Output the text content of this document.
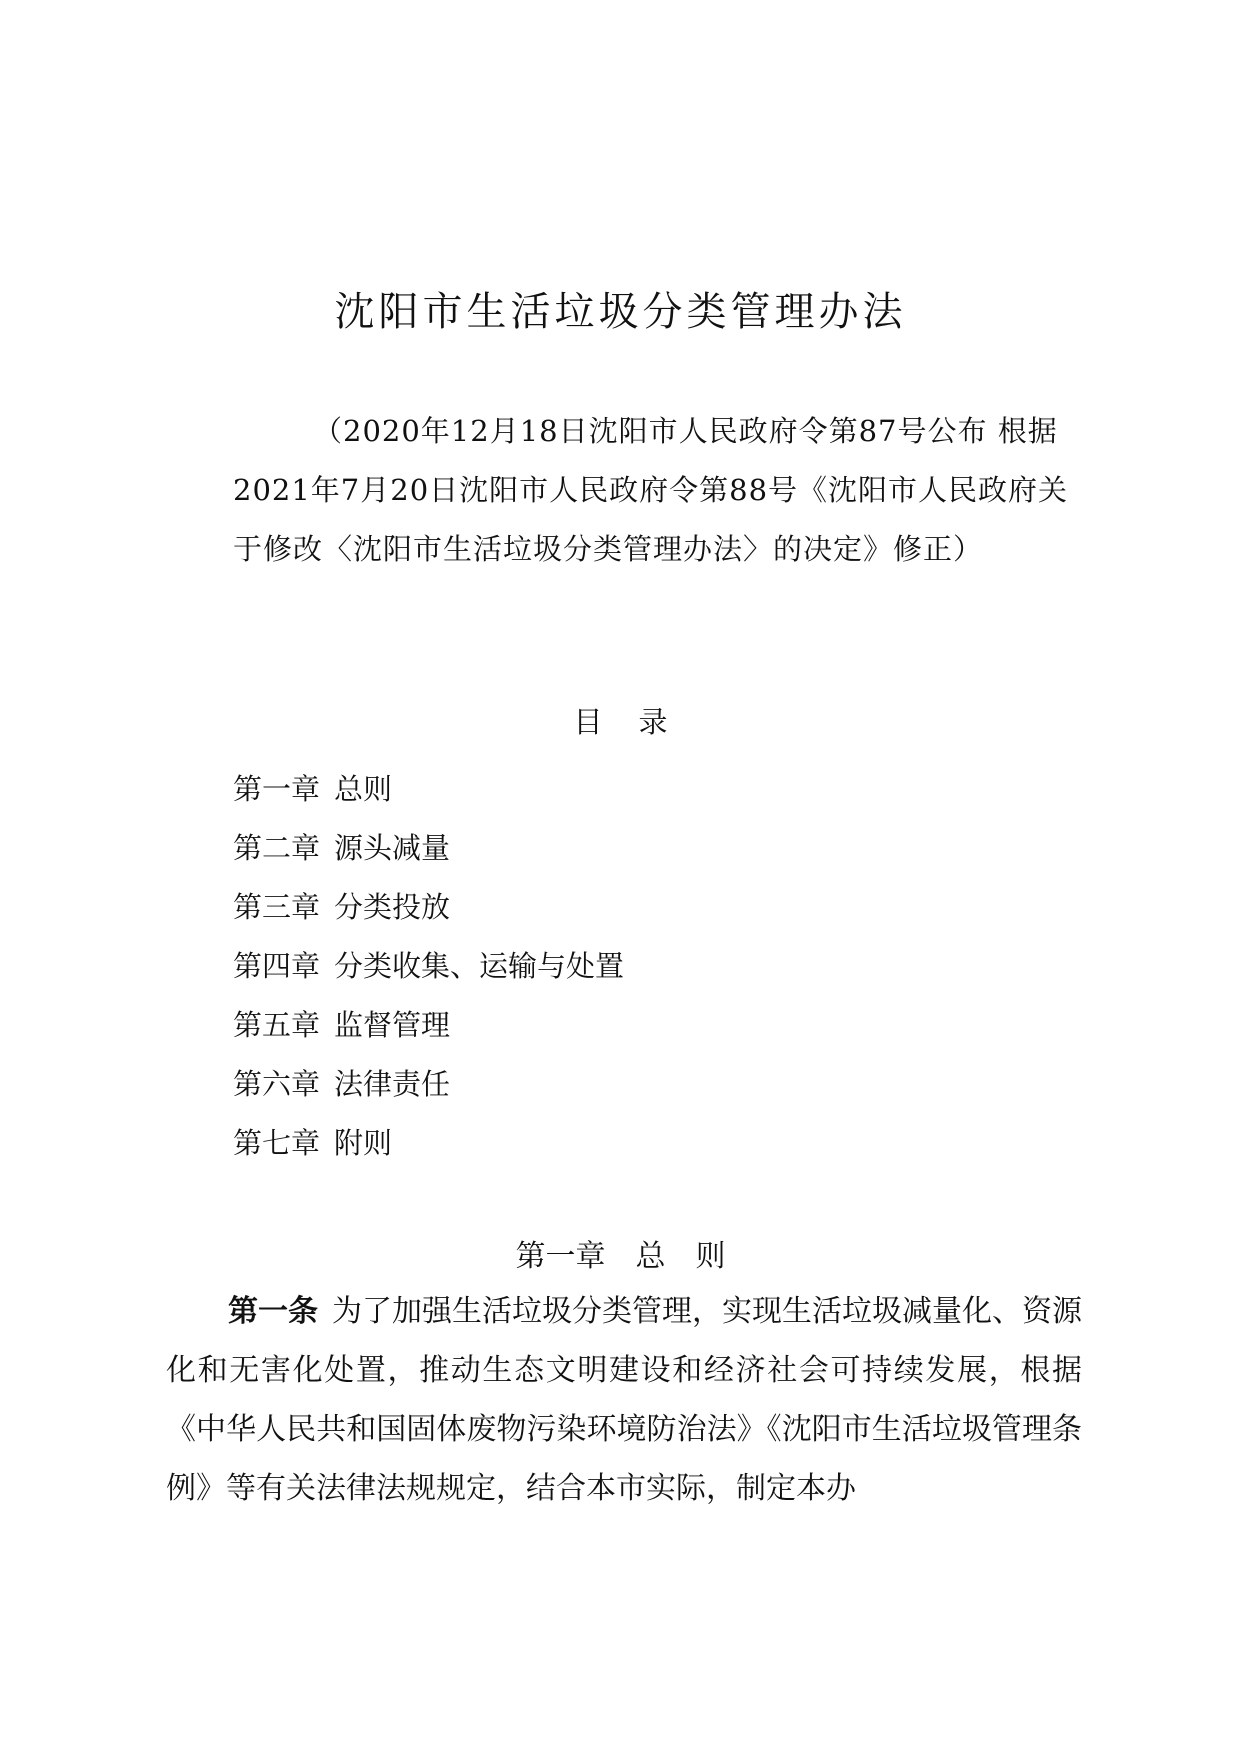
沈阳市生活垃圾分类管理办法

（2020年12月18日沈阳市人民政府令第87号公布 根据2021年7月20日沈阳市人民政府令第88号《沈阳市人民政府关于修改〈沈阳市生活垃圾分类管理办法〉的决定》修正）

目 录
第一章 总则
第二章 源头减量
第三章 分类投放
第四章 分类收集、运输与处置
第五章 监督管理
第六章 法律责任
第七章 附则
第一章 总 则

第一条 为了加强生活垃圾分类管理，实现生活垃圾减量化、资源化和无害化处置，推动生态文明建设和经济社会可持续发展，根据《中华人民共和国固体废物污染环境防治法》《沈阳市生活垃圾管理条例》等有关法律法规规定，结合本市实际，制定本办
